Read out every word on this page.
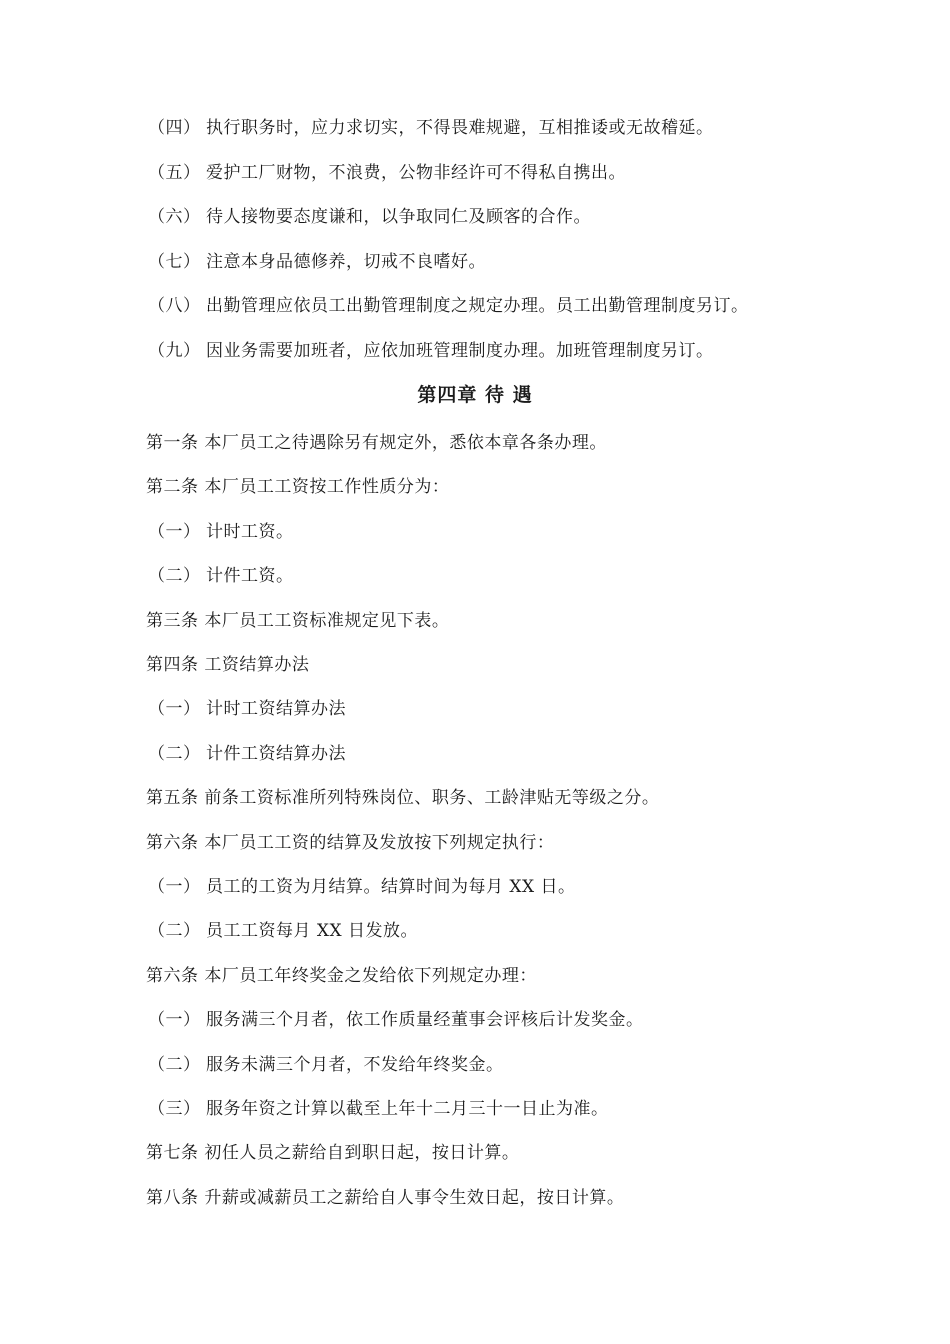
（四） 执行职务时，应力求切实，不得畏难规避，互相推诿或无故稽延。
（五） 爱护工厂财物，不浪费，公物非经许可不得私自携出。
（六） 待人接物要态度谦和，以争取同仁及顾客的合作。
（七） 注意本身品德修养，切戒不良嗜好。
（八） 出勤管理应依员工出勤管理制度之规定办理。员工出勤管理制度另订。
（九） 因业务需要加班者，应依加班管理制度办理。加班管理制度另订。
第四章 待 遇
第一条 本厂员工之待遇除另有规定外，悉依本章各条办理。
第二条 本厂员工工资按工作性质分为：
（一） 计时工资。
（二） 计件工资。
第三条 本厂员工工资标准规定见下表。
第四条 工资结算办法
（一） 计时工资结算办法
（二） 计件工资结算办法
第五条 前条工资标准所列特殊岗位、职务、工龄津贴无等级之分。
第六条 本厂员工工资的结算及发放按下列规定执行：
（一） 员工的工资为月结算。结算时间为每月 XX 日。
（二） 员工工资每月 XX 日发放。
第六条 本厂员工年终奖金之发给依下列规定办理：
（一） 服务满三个月者，依工作质量经董事会评核后计发奖金。
（二） 服务未满三个月者，不发给年终奖金。
（三） 服务年资之计算以截至上年十二月三十一日止为准。
第七条 初任人员之薪给自到职日起，按日计算。
第八条 升薪或减薪员工之薪给自人事令生效日起，按日计算。
